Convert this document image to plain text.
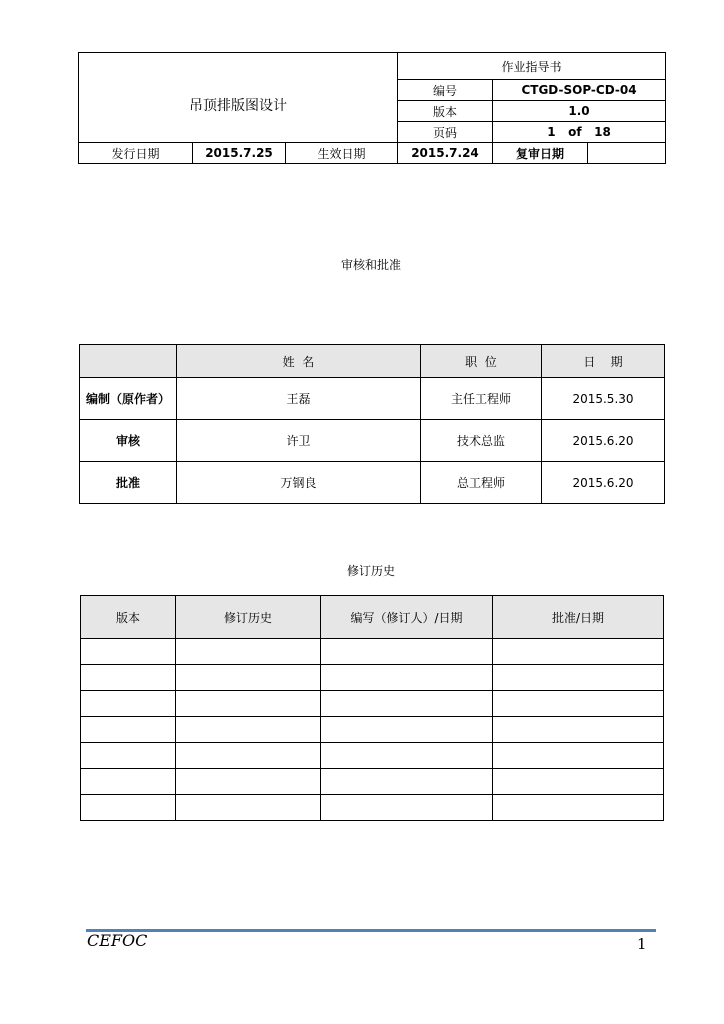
吊顶排版图设计			作业指导书		
			编号	CTGD-SOP-CD-04	
			版本	1.0	
			页码	1   of   18	
发行日期	2015.7.25	生效日期	2015.7.24	复审日期	
审核和批准
	姓  名	职  位	日    期
编制（原作者）	王磊	主任工程师	2015.5.30
审核	许卫	技术总监	2015.6.20
批准	万钢良	总工程师	2015.6.20
修订历史
版本	修订历史	编写（修订人）/日期	批准/日期

CEFOC	1
